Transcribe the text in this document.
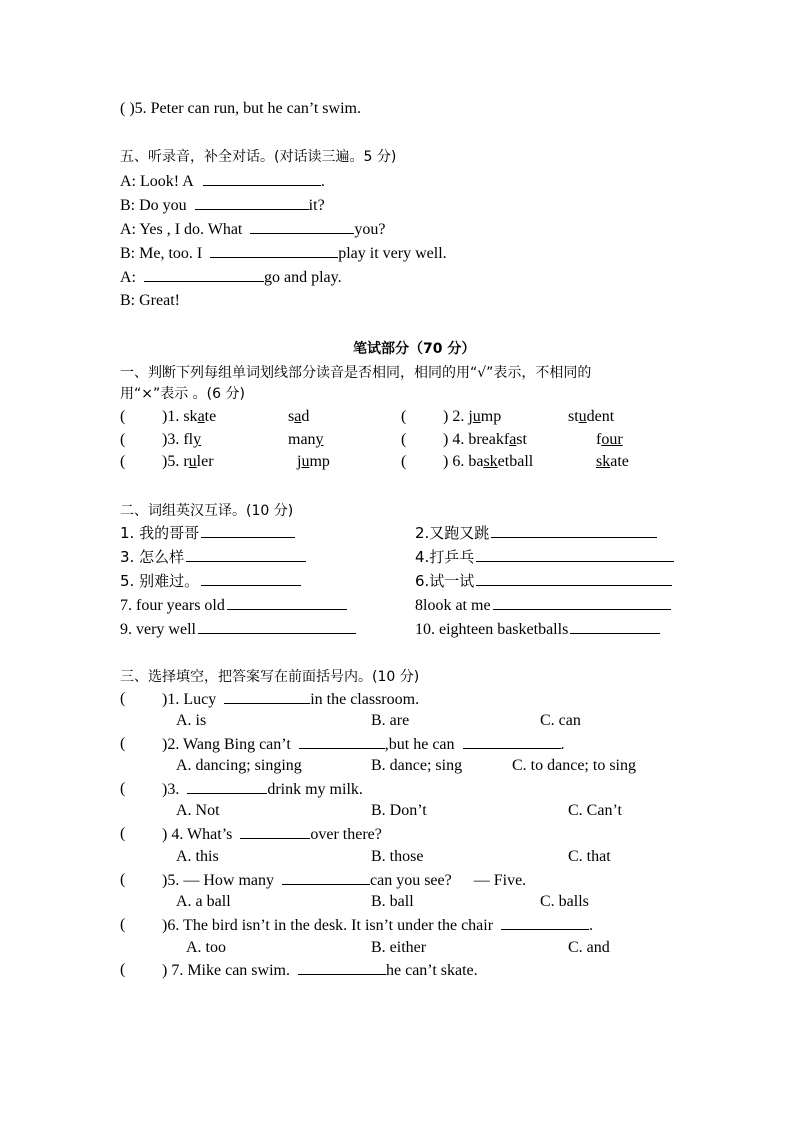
( )5. Peter can run, but he can’t swim.
五、听录音，补全对话。(对话读三遍。5 分)
A: Look! A	.
B: Do you	it?
A: Yes , I do. What	you?
B: Me, too. I	play it very well.
A:	go and play.
B: Great!
笔试部分（70 分）
一、判断下列每组单词划线部分读音是否相同，相同的用“√”表示，不相同的
用“×”表示 。(6 分)
( )1. skate	sad	( ) 2. jump	student
( )3. fly	many	( ) 4. breakfast	four
( )5. ruler	jump	( ) 6. basketball	skate
二、词组英汉互译。(10 分)
1. 我的哥哥	2.又跑又跳
3. 怎么样	4.打乒乓
5. 别难过。	6.试一试
7. four years old	8look at me
9. very well	10. eighteen basketballs
三、选择填空，把答案写在前面括号内。(10 分)
( )1. Lucy	in the classroom.
A. is	B. are	C. can
( )2. Wang Bing can’t	,but he can	.
A. dancing; singing	B. dance; sing	C. to dance; to sing
( )3.	drink my milk.
A. Not	B. Don’t	C. Can’t
( ) 4. What’s	over there?
A. this	B. those	C. that
( )5. — How many	can you see? — Five.
A. a ball	B. ball	C. balls
( )6. The bird isn’t in the desk. It isn’t under the chair	.
A. too	B. either	C. and
( ) 7. Mike can swim.	he can’t skate.
